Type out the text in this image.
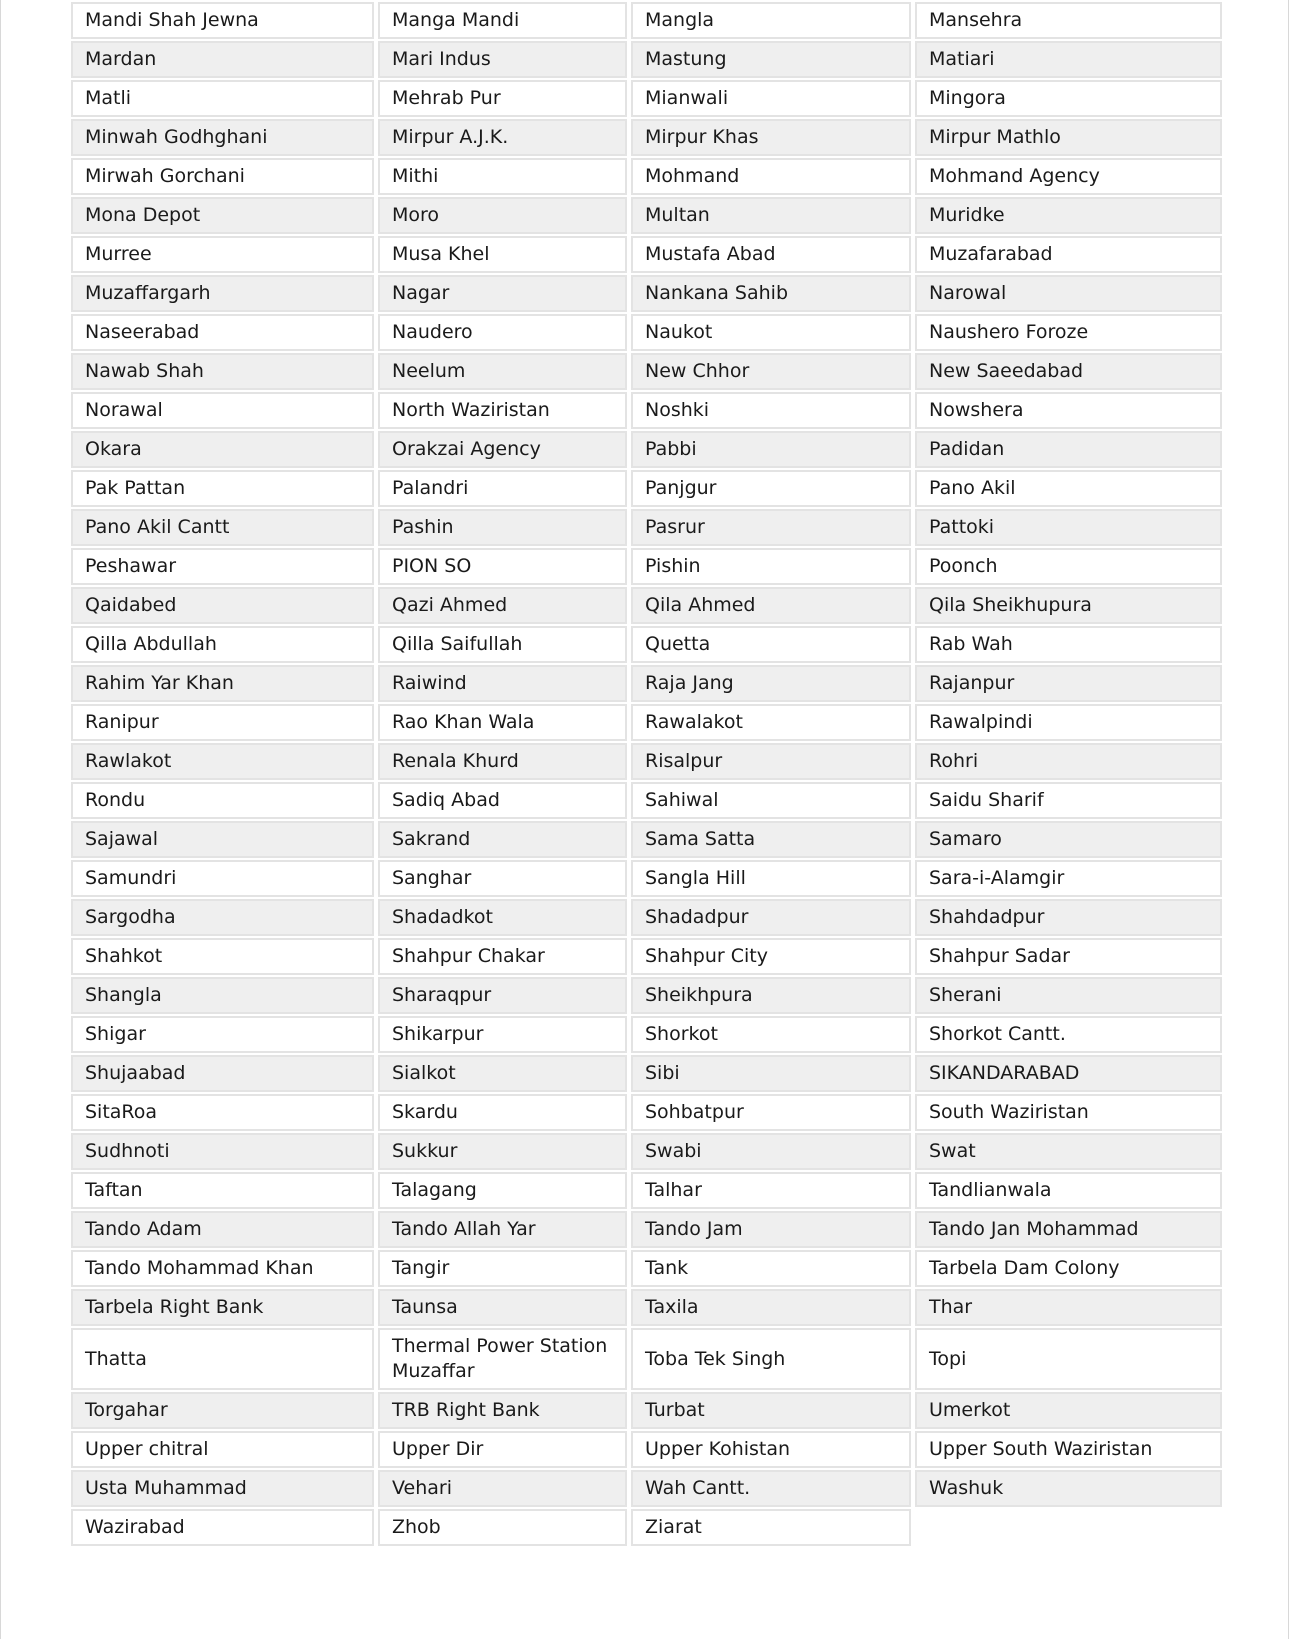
Mandi Shah Jewna	Manga Mandi	Mangla	Mansehra
Mardan	Mari Indus	Mastung	Matiari
Matli	Mehrab Pur	Mianwali	Mingora
Minwah Godhghani	Mirpur A.J.K.	Mirpur Khas	Mirpur Mathlo
Mirwah Gorchani	Mithi	Mohmand	Mohmand Agency
Mona Depot	Moro	Multan	Muridke
Murree	Musa Khel	Mustafa Abad	Muzafarabad
Muzaffargarh	Nagar	Nankana Sahib	Narowal
Naseerabad	Naudero	Naukot	Naushero Foroze
Nawab Shah	Neelum	New Chhor	New Saeedabad
Norawal	North Waziristan	Noshki	Nowshera
Okara	Orakzai Agency	Pabbi	Padidan
Pak Pattan	Palandri	Panjgur	Pano Akil
Pano Akil Cantt	Pashin	Pasrur	Pattoki
Peshawar	PION SO	Pishin	Poonch
Qaidabed	Qazi Ahmed	Qila Ahmed	Qila Sheikhupura
Qilla Abdullah	Qilla Saifullah	Quetta	Rab Wah
Rahim Yar Khan	Raiwind	Raja Jang	Rajanpur
Ranipur	Rao Khan Wala	Rawalakot	Rawalpindi
Rawlakot	Renala Khurd	Risalpur	Rohri
Rondu	Sadiq Abad	Sahiwal	Saidu Sharif
Sajawal	Sakrand	Sama Satta	Samaro
Samundri	Sanghar	Sangla Hill	Sara-i-Alamgir
Sargodha	Shadadkot	Shadadpur	Shahdadpur
Shahkot	Shahpur Chakar	Shahpur City	Shahpur Sadar
Shangla	Sharaqpur	Sheikhpura	Sherani
Shigar	Shikarpur	Shorkot	Shorkot Cantt.
Shujaabad	Sialkot	Sibi	SIKANDARABAD
SitaRoa	Skardu	Sohbatpur	South Waziristan
Sudhnoti	Sukkur	Swabi	Swat
Taftan	Talagang	Talhar	Tandlianwala
Tando Adam	Tando Allah Yar	Tando Jam	Tando Jan Mohammad
Tando Mohammad Khan	Tangir	Tank	Tarbela Dam Colony
Tarbela Right Bank	Taunsa	Taxila	Thar
Thatta	Thermal Power Station Muzaffar	Toba Tek Singh	Topi
Torgahar	TRB Right Bank	Turbat	Umerkot
Upper chitral	Upper Dir	Upper Kohistan	Upper South Waziristan
Usta Muhammad	Vehari	Wah Cantt.	Washuk
Wazirabad	Zhob	Ziarat	
